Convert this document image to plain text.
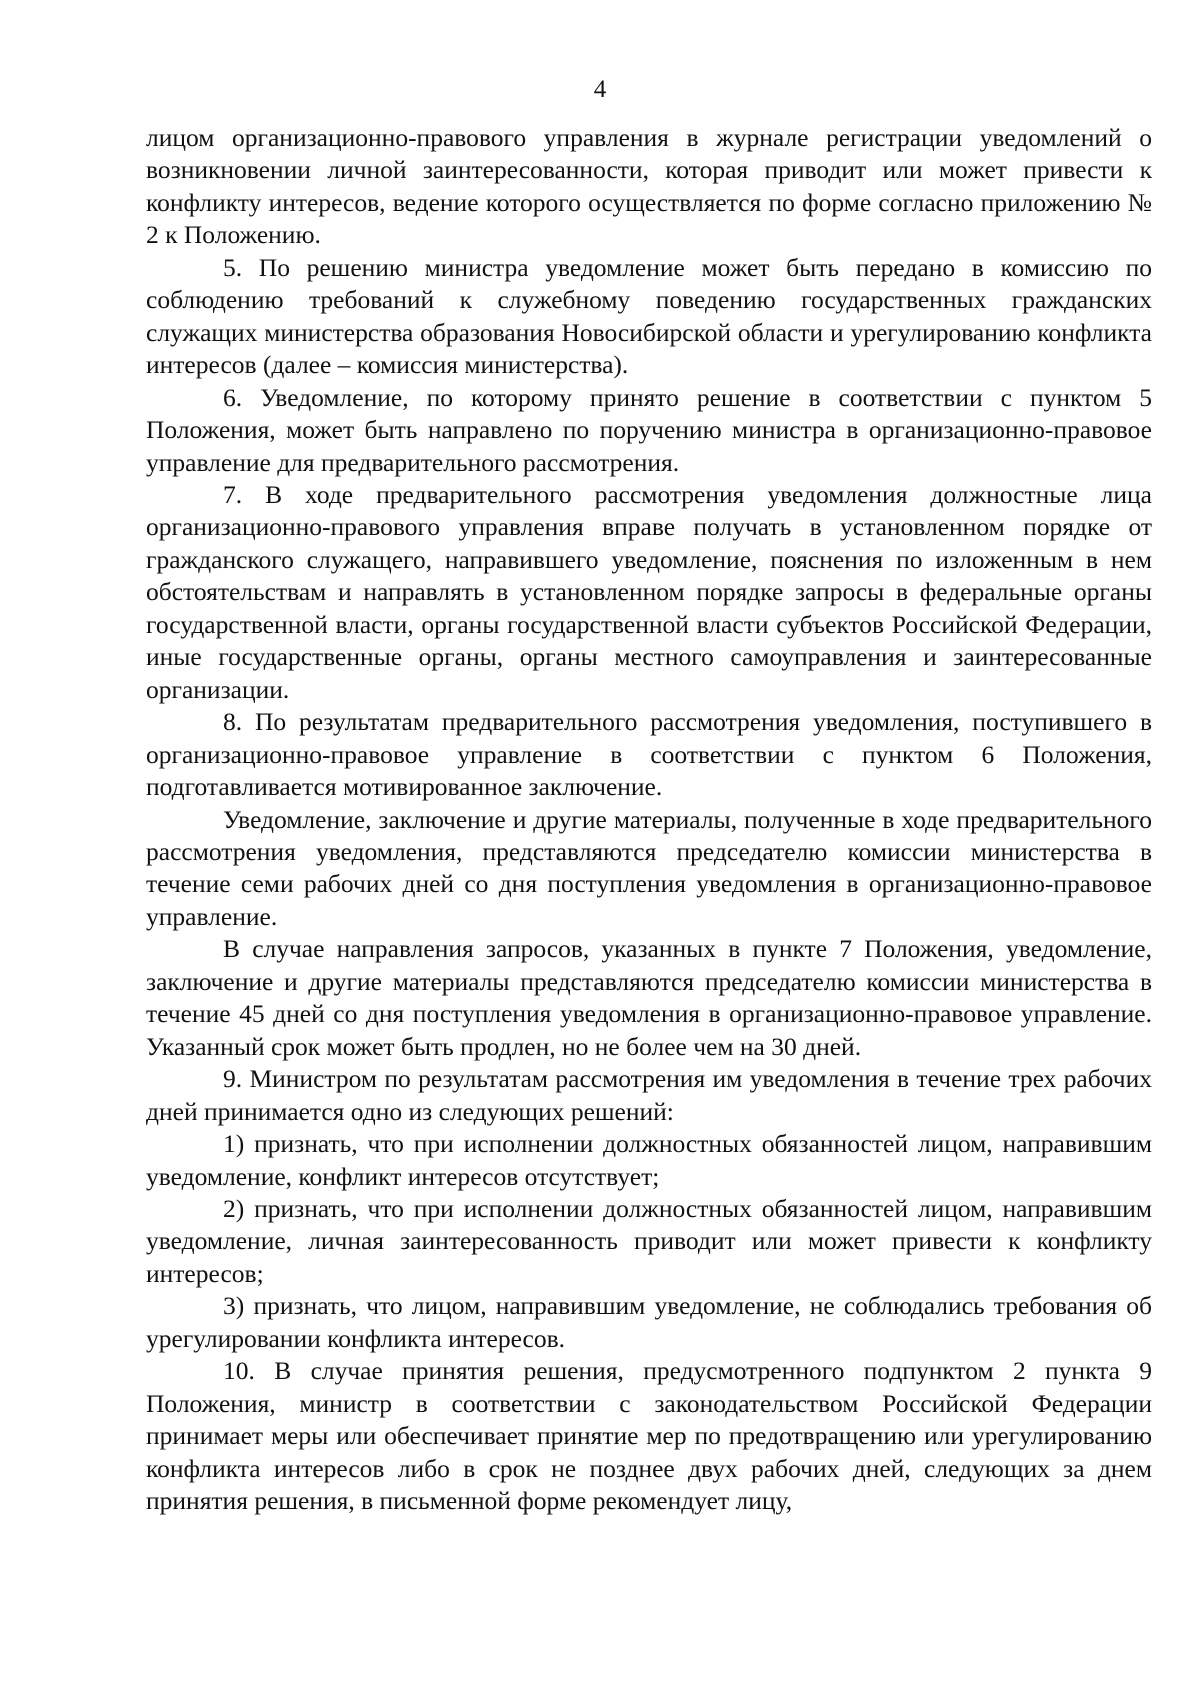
4

лицом организационно-правового управления в журнале регистрации уведомлений о возникновении личной заинтересованности, которая приводит или может привести к конфликту интересов, ведение которого осуществляется по форме согласно приложению № 2 к Положению.

5. По решению министра уведомление может быть передано в комиссию по соблюдению требований к служебному поведению государственных гражданских служащих министерства образования Новосибирской области и урегулированию конфликта интересов (далее – комиссия министерства).

6. Уведомление, по которому принято решение в соответствии с пунктом 5 Положения, может быть направлено по поручению министра в организационно-правовое управление для предварительного рассмотрения.

7. В ходе предварительного рассмотрения уведомления должностные лица организационно-правового управления вправе получать в установленном порядке от гражданского служащего, направившего уведомление, пояснения по изложенным в нем обстоятельствам и направлять в установленном порядке запросы в федеральные органы государственной власти, органы государственной власти субъектов Российской Федерации, иные государственные органы, органы местного самоуправления и заинтересованные организации.

8. По результатам предварительного рассмотрения уведомления, поступившего в организационно-правовое управление в соответствии с пунктом 6 Положения, подготавливается мотивированное заключение.

Уведомление, заключение и другие материалы, полученные в ходе предварительного рассмотрения уведомления, представляются председателю комиссии министерства в течение семи рабочих дней со дня поступления уведомления в организационно-правовое управление.

В случае направления запросов, указанных в пункте 7 Положения, уведомление, заключение и другие материалы представляются председателю комиссии министерства в течение 45 дней со дня поступления уведомления в организационно-правовое управление. Указанный срок может быть продлен, но не более чем на 30 дней.

9. Министром по результатам рассмотрения им уведомления в течение трех рабочих дней принимается одно из следующих решений:

1) признать, что при исполнении должностных обязанностей лицом, направившим уведомление, конфликт интересов отсутствует;

2) признать, что при исполнении должностных обязанностей лицом, направившим уведомление, личная заинтересованность приводит или может привести к конфликту интересов;

3) признать, что лицом, направившим уведомление, не соблюдались требования об урегулировании конфликта интересов.

10. В случае принятия решения, предусмотренного подпунктом 2 пункта 9 Положения, министр в соответствии с законодательством Российской Федерации принимает меры или обеспечивает принятие мер по предотвращению или урегулированию конфликта интересов либо в срок не позднее двух рабочих дней, следующих за днем принятия решения, в письменной форме рекомендует лицу,
